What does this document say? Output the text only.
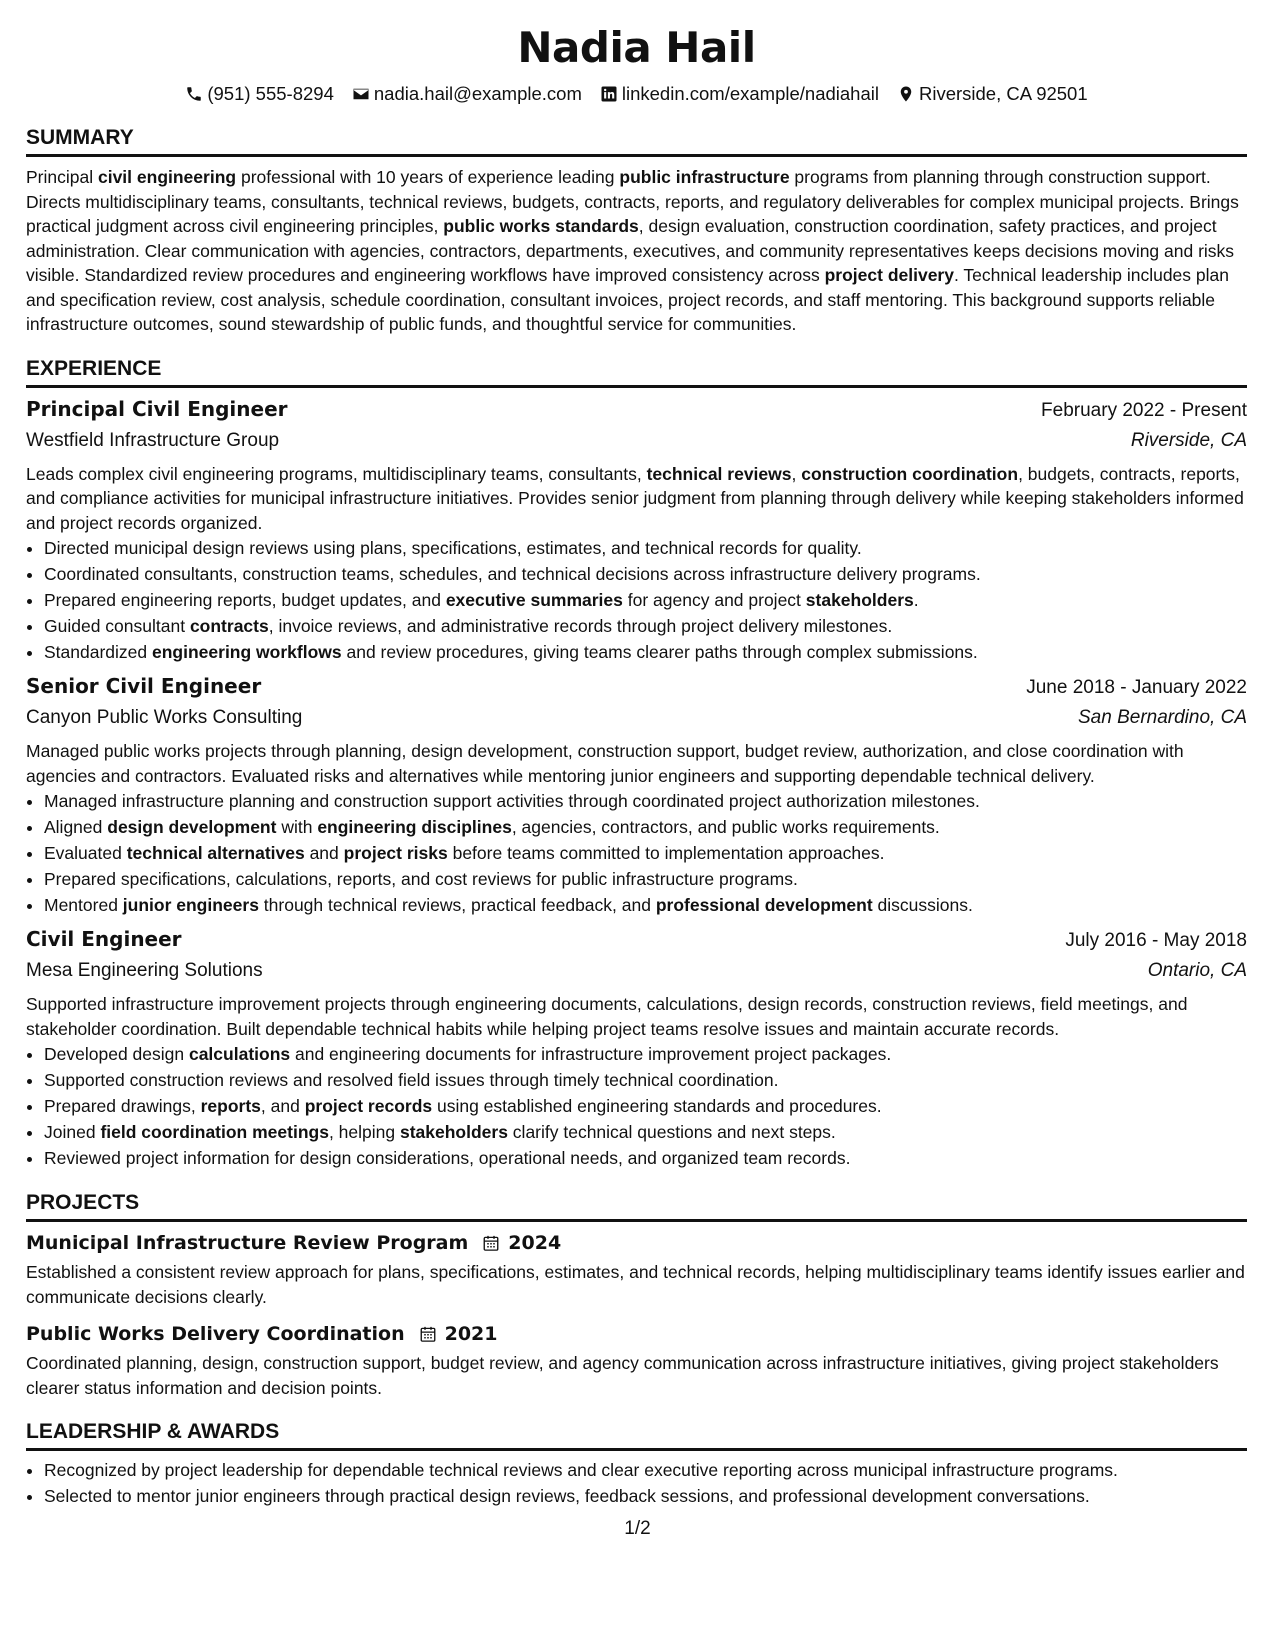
Nadia Hail
(951) 555-8294 nadia.hail@example.com linkedin.com/example/nadiahail Riverside, CA 92501
SUMMARY

Principal civil engineering professional with 10 years of experience leading public infrastructure programs from planning through construction support. Directs multidisciplinary teams, consultants, technical reviews, budgets, contracts, reports, and regulatory deliverables for complex municipal projects. Brings practical judgment across civil engineering principles, public works standards, design evaluation, construction coordination, safety practices, and project administration. Clear communication with agencies, contractors, departments, executives, and community representatives keeps decisions moving and risks visible. Standardized review procedures and engineering workflows have improved consistency across project delivery. Technical leadership includes plan and specification review, cost analysis, schedule coordination, consultant invoices, project records, and staff mentoring. This background supports reliable infrastructure outcomes, sound stewardship of public funds, and thoughtful service for communities.

EXPERIENCE
Principal Civil Engineer	February 2022 - Present
Westfield Infrastructure Group	Riverside, CA

Leads complex civil engineering programs, multidisciplinary teams, consultants, technical reviews, construction coordination, budgets, contracts, reports, and compliance activities for municipal infrastructure initiatives. Provides senior judgment from planning through delivery while keeping stakeholders informed and project records organized.

• Directed municipal design reviews using plans, specifications, estimates, and technical records for quality.
• Coordinated consultants, construction teams, schedules, and technical decisions across infrastructure delivery programs.
• Prepared engineering reports, budget updates, and executive summaries for agency and project stakeholders.
• Guided consultant contracts, invoice reviews, and administrative records through project delivery milestones.
• Standardized engineering workflows and review procedures, giving teams clearer paths through complex submissions.
Senior Civil Engineer	June 2018 - January 2022
Canyon Public Works Consulting	San Bernardino, CA

Managed public works projects through planning, design development, construction support, budget review, authorization, and close coordination with agencies and contractors. Evaluated risks and alternatives while mentoring junior engineers and supporting dependable technical delivery.

• Managed infrastructure planning and construction support activities through coordinated project authorization milestones.
• Aligned design development with engineering disciplines, agencies, contractors, and public works requirements.
• Evaluated technical alternatives and project risks before teams committed to implementation approaches.
• Prepared specifications, calculations, reports, and cost reviews for public infrastructure programs.
• Mentored junior engineers through technical reviews, practical feedback, and professional development discussions.
Civil Engineer	July 2016 - May 2018
Mesa Engineering Solutions	Ontario, CA

Supported infrastructure improvement projects through engineering documents, calculations, design records, construction reviews, field meetings, and stakeholder coordination. Built dependable technical habits while helping project teams resolve issues and maintain accurate records.

• Developed design calculations and engineering documents for infrastructure improvement project packages.
• Supported construction reviews and resolved field issues through timely technical coordination.
• Prepared drawings, reports, and project records using established engineering standards and procedures.
• Joined field coordination meetings, helping stakeholders clarify technical questions and next steps.
• Reviewed project information for design considerations, operational needs, and organized team records.
PROJECTS
Municipal Infrastructure Review Program 2024

Established a consistent review approach for plans, specifications, estimates, and technical records, helping multidisciplinary teams identify issues earlier and communicate decisions clearly.

Public Works Delivery Coordination 2021

Coordinated planning, design, construction support, budget review, and agency communication across infrastructure initiatives, giving project stakeholders clearer status information and decision points.

LEADERSHIP & AWARDS
• Recognized by project leadership for dependable technical reviews and clear executive reporting across municipal infrastructure programs.
• Selected to mentor junior engineers through practical design reviews, feedback sessions, and professional development conversations.
1/2
